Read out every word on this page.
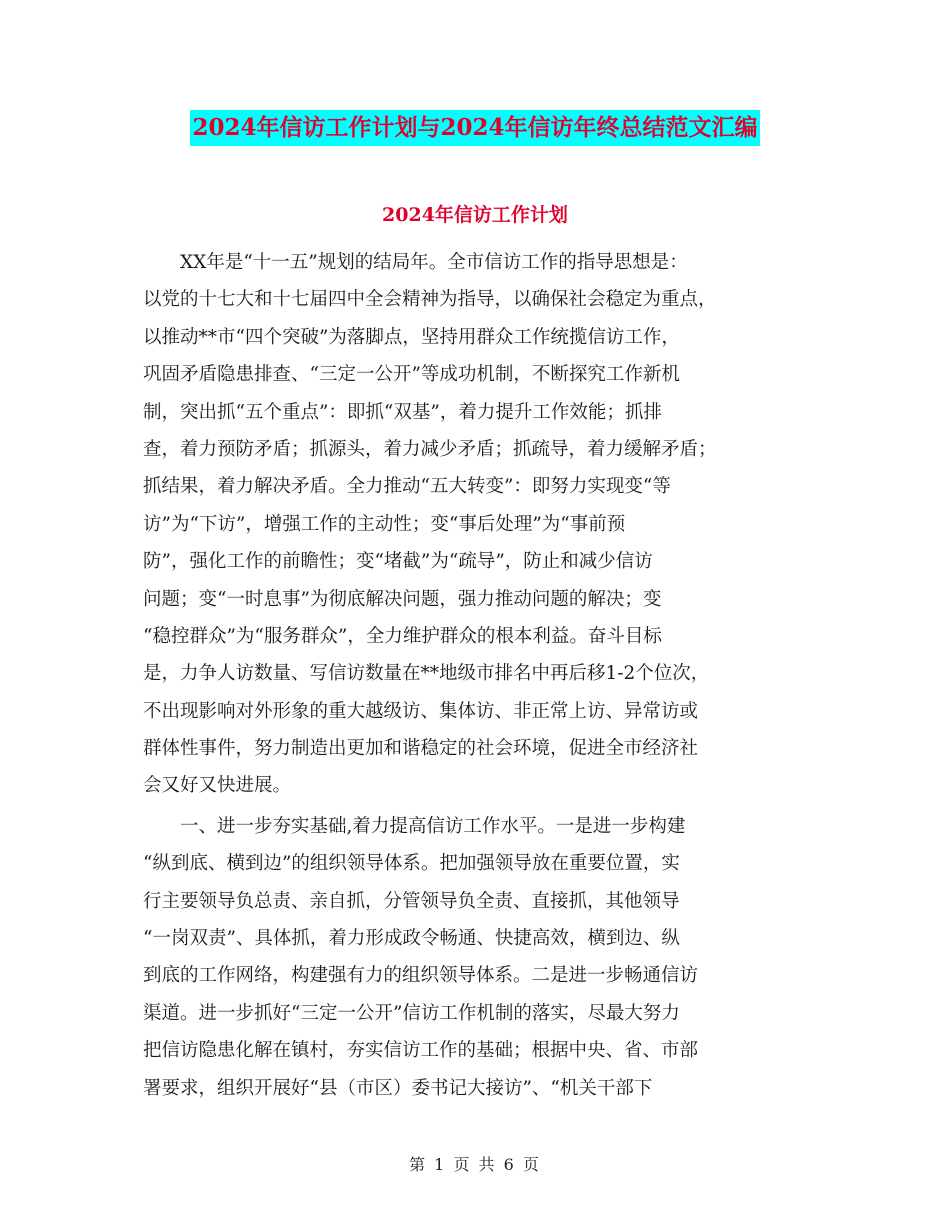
2024年信访工作计划与2024年信访年终总结范文汇编
2024年信访工作计划
　　XX年是“十一五”规划的结局年。全市信访工作的指导思想是：
以党的十七大和十七届四中全会精神为指导，以确保社会稳定为重点，
以推动**市“四个突破”为落脚点，坚持用群众工作统揽信访工作，
巩固矛盾隐患排查、“三定一公开”等成功机制，不断探究工作新机
制，突出抓“五个重点”：即抓“双基”，着力提升工作效能；抓排
查，着力预防矛盾；抓源头，着力减少矛盾；抓疏导，着力缓解矛盾；
抓结果，着力解决矛盾。全力推动“五大转变”：即努力实现变“等
访”为“下访”，增强工作的主动性；变“事后处理”为“事前预
防”，强化工作的前瞻性；变“堵截”为“疏导”，防止和减少信访
问题；变“一时息事”为彻底解决问题，强力推动问题的解决；变
“稳控群众”为“服务群众”，全力维护群众的根本利益。奋斗目标
是，力争人访数量、写信访数量在**地级市排名中再后移1-2个位次，
不出现影响对外形象的重大越级访、集体访、非正常上访、异常访或
群体性事件，努力制造出更加和谐稳定的社会环境，促进全市经济社
会又好又快进展。
　　一、进一步夯实基础,着力提高信访工作水平。一是进一步构建
“纵到底、横到边”的组织领导体系。把加强领导放在重要位置，实
行主要领导负总责、亲自抓，分管领导负全责、直接抓，其他领导
“一岗双责”、具体抓，着力形成政令畅通、快捷高效，横到边、纵
到底的工作网络，构建强有力的组织领导体系。二是进一步畅通信访
渠道。进一步抓好“三定一公开”信访工作机制的落实，尽最大努力
把信访隐患化解在镇村，夯实信访工作的基础；根据中央、省、市部
署要求，组织开展好“县（市区）委书记大接访”、“机关干部下
第 1 页 共 6 页
